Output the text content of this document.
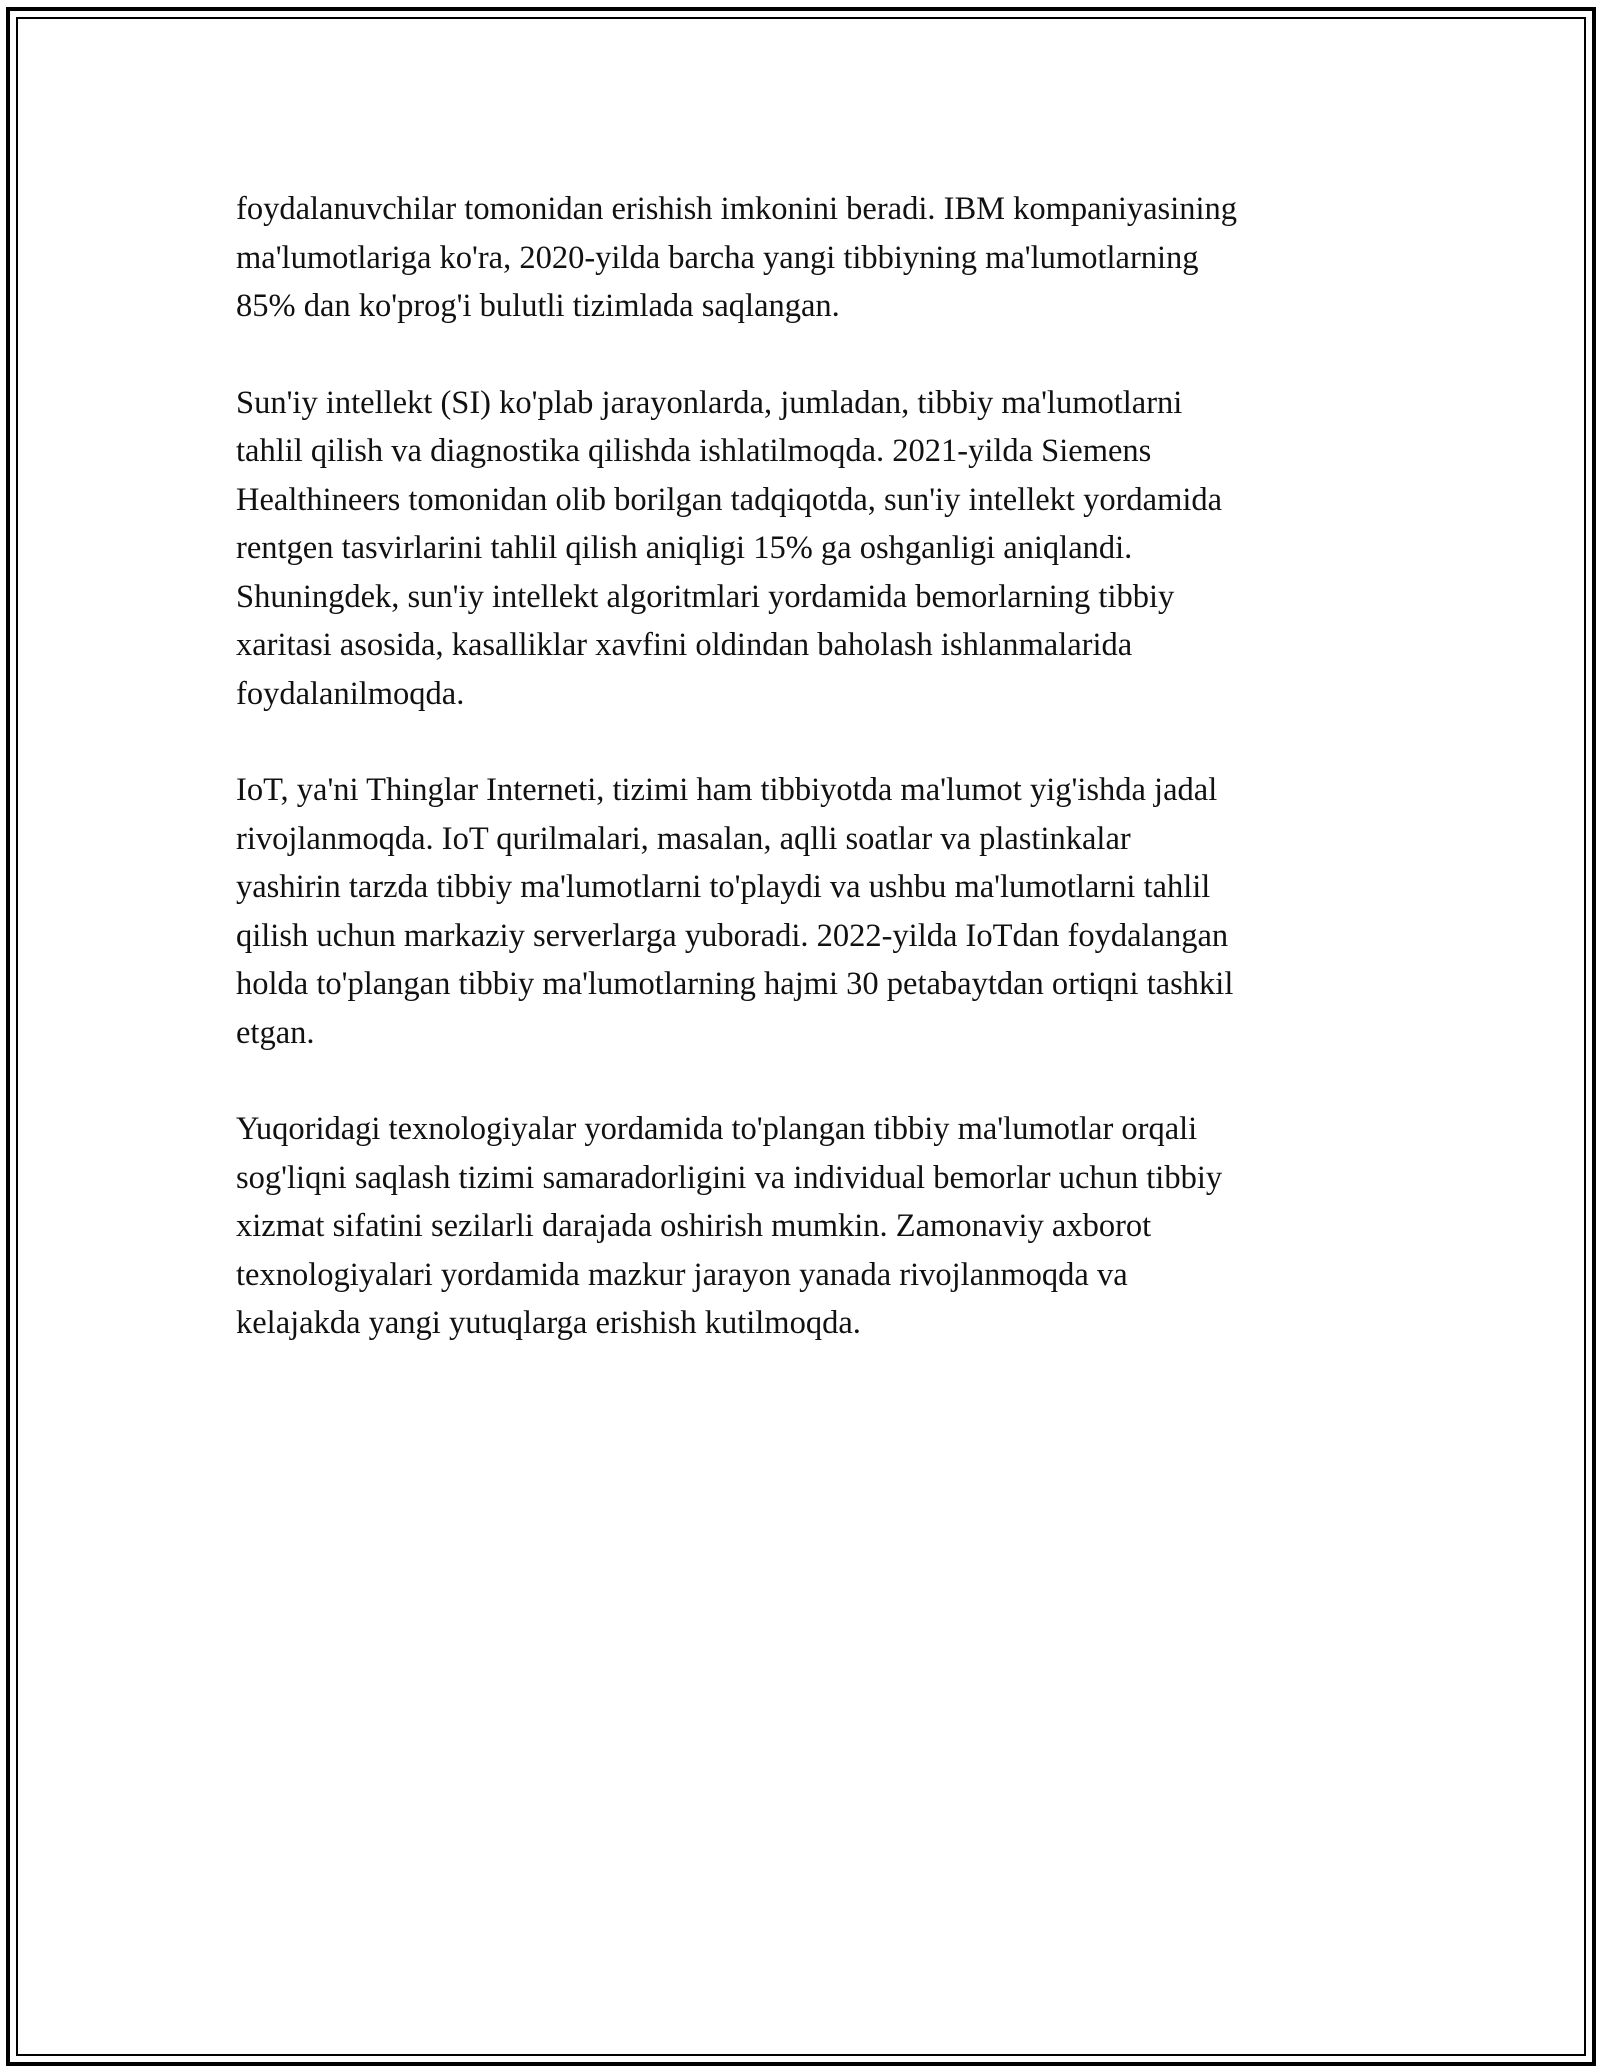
foydalanuvchilar tomonidan erishish imkonini beradi. IBM kompaniyasining
ma'lumotlariga ko'ra, 2020-yilda barcha yangi tibbiyning ma'lumotlarning
85% dan ko'prog'i bulutli tizimlada saqlangan.

Sun'iy intellekt (SI) ko'plab jarayonlarda, jumladan, tibbiy ma'lumotlarni
tahlil qilish va diagnostika qilishda ishlatilmoqda. 2021-yilda Siemens
Healthineers tomonidan olib borilgan tadqiqotda, sun'iy intellekt yordamida
rentgen tasvirlarini tahlil qilish aniqligi 15% ga oshganligi aniqlandi.
Shuningdek, sun'iy intellekt algoritmlari yordamida bemorlarning tibbiy
xaritasi asosida, kasalliklar xavfini oldindan baholash ishlanmalarida
foydalanilmoqda.

IoT, ya'ni Thinglar Interneti, tizimi ham tibbiyotda ma'lumot yig'ishda jadal
rivojlanmoqda. IoT qurilmalari, masalan, aqlli soatlar va plastinkalar
yashirin tarzda tibbiy ma'lumotlarni to'playdi va ushbu ma'lumotlarni tahlil
qilish uchun markaziy serverlarga yuboradi. 2022-yilda IoTdan foydalangan
holda to'plangan tibbiy ma'lumotlarning hajmi 30 petabaytdan ortiqni tashkil
etgan.

Yuqoridagi texnologiyalar yordamida to'plangan tibbiy ma'lumotlar orqali
sog'liqni saqlash tizimi samaradorligini va individual bemorlar uchun tibbiy
xizmat sifatini sezilarli darajada oshirish mumkin. Zamonaviy axborot
texnologiyalari yordamida mazkur jarayon yanada rivojlanmoqda va
kelajakda yangi yutuqlarga erishish kutilmoqda.
